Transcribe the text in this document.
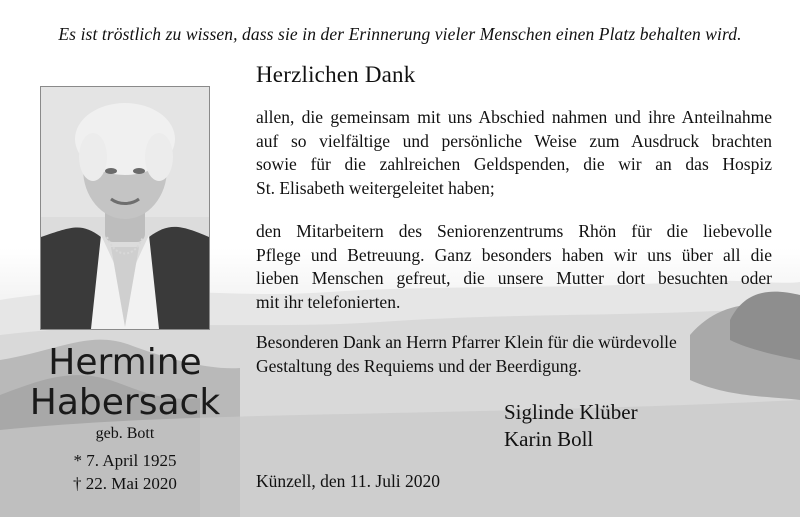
Es ist tröstlich zu wissen, dass sie in der Erinnerung vieler Menschen einen Platz behalten wird.
Hermine
Habersack
geb. Bott
* 7. April 1925
† 22. Mai 2020
Herzlichen Dank
allen, die gemeinsam mit uns Abschied nahmen und ihre Anteilnahme
auf so vielfältige und persönliche Weise zum Ausdruck brachten
sowie für die zahlreichen Geldspenden, die wir an das Hospiz
St. Elisabeth weitergeleitet haben;
den Mitarbeitern des Seniorenzentrums Rhön für die liebevolle
Pflege und Betreuung. Ganz besonders haben wir uns über all die
lieben Menschen gefreut, die unsere Mutter dort besuchten oder
mit ihr telefonierten.
Besonderen Dank an Herrn Pfarrer Klein für die würdevolle
Gestaltung des Requiems und der Beerdigung.
Siglinde Klüber
Karin Boll
Künzell, den 11. Juli 2020
